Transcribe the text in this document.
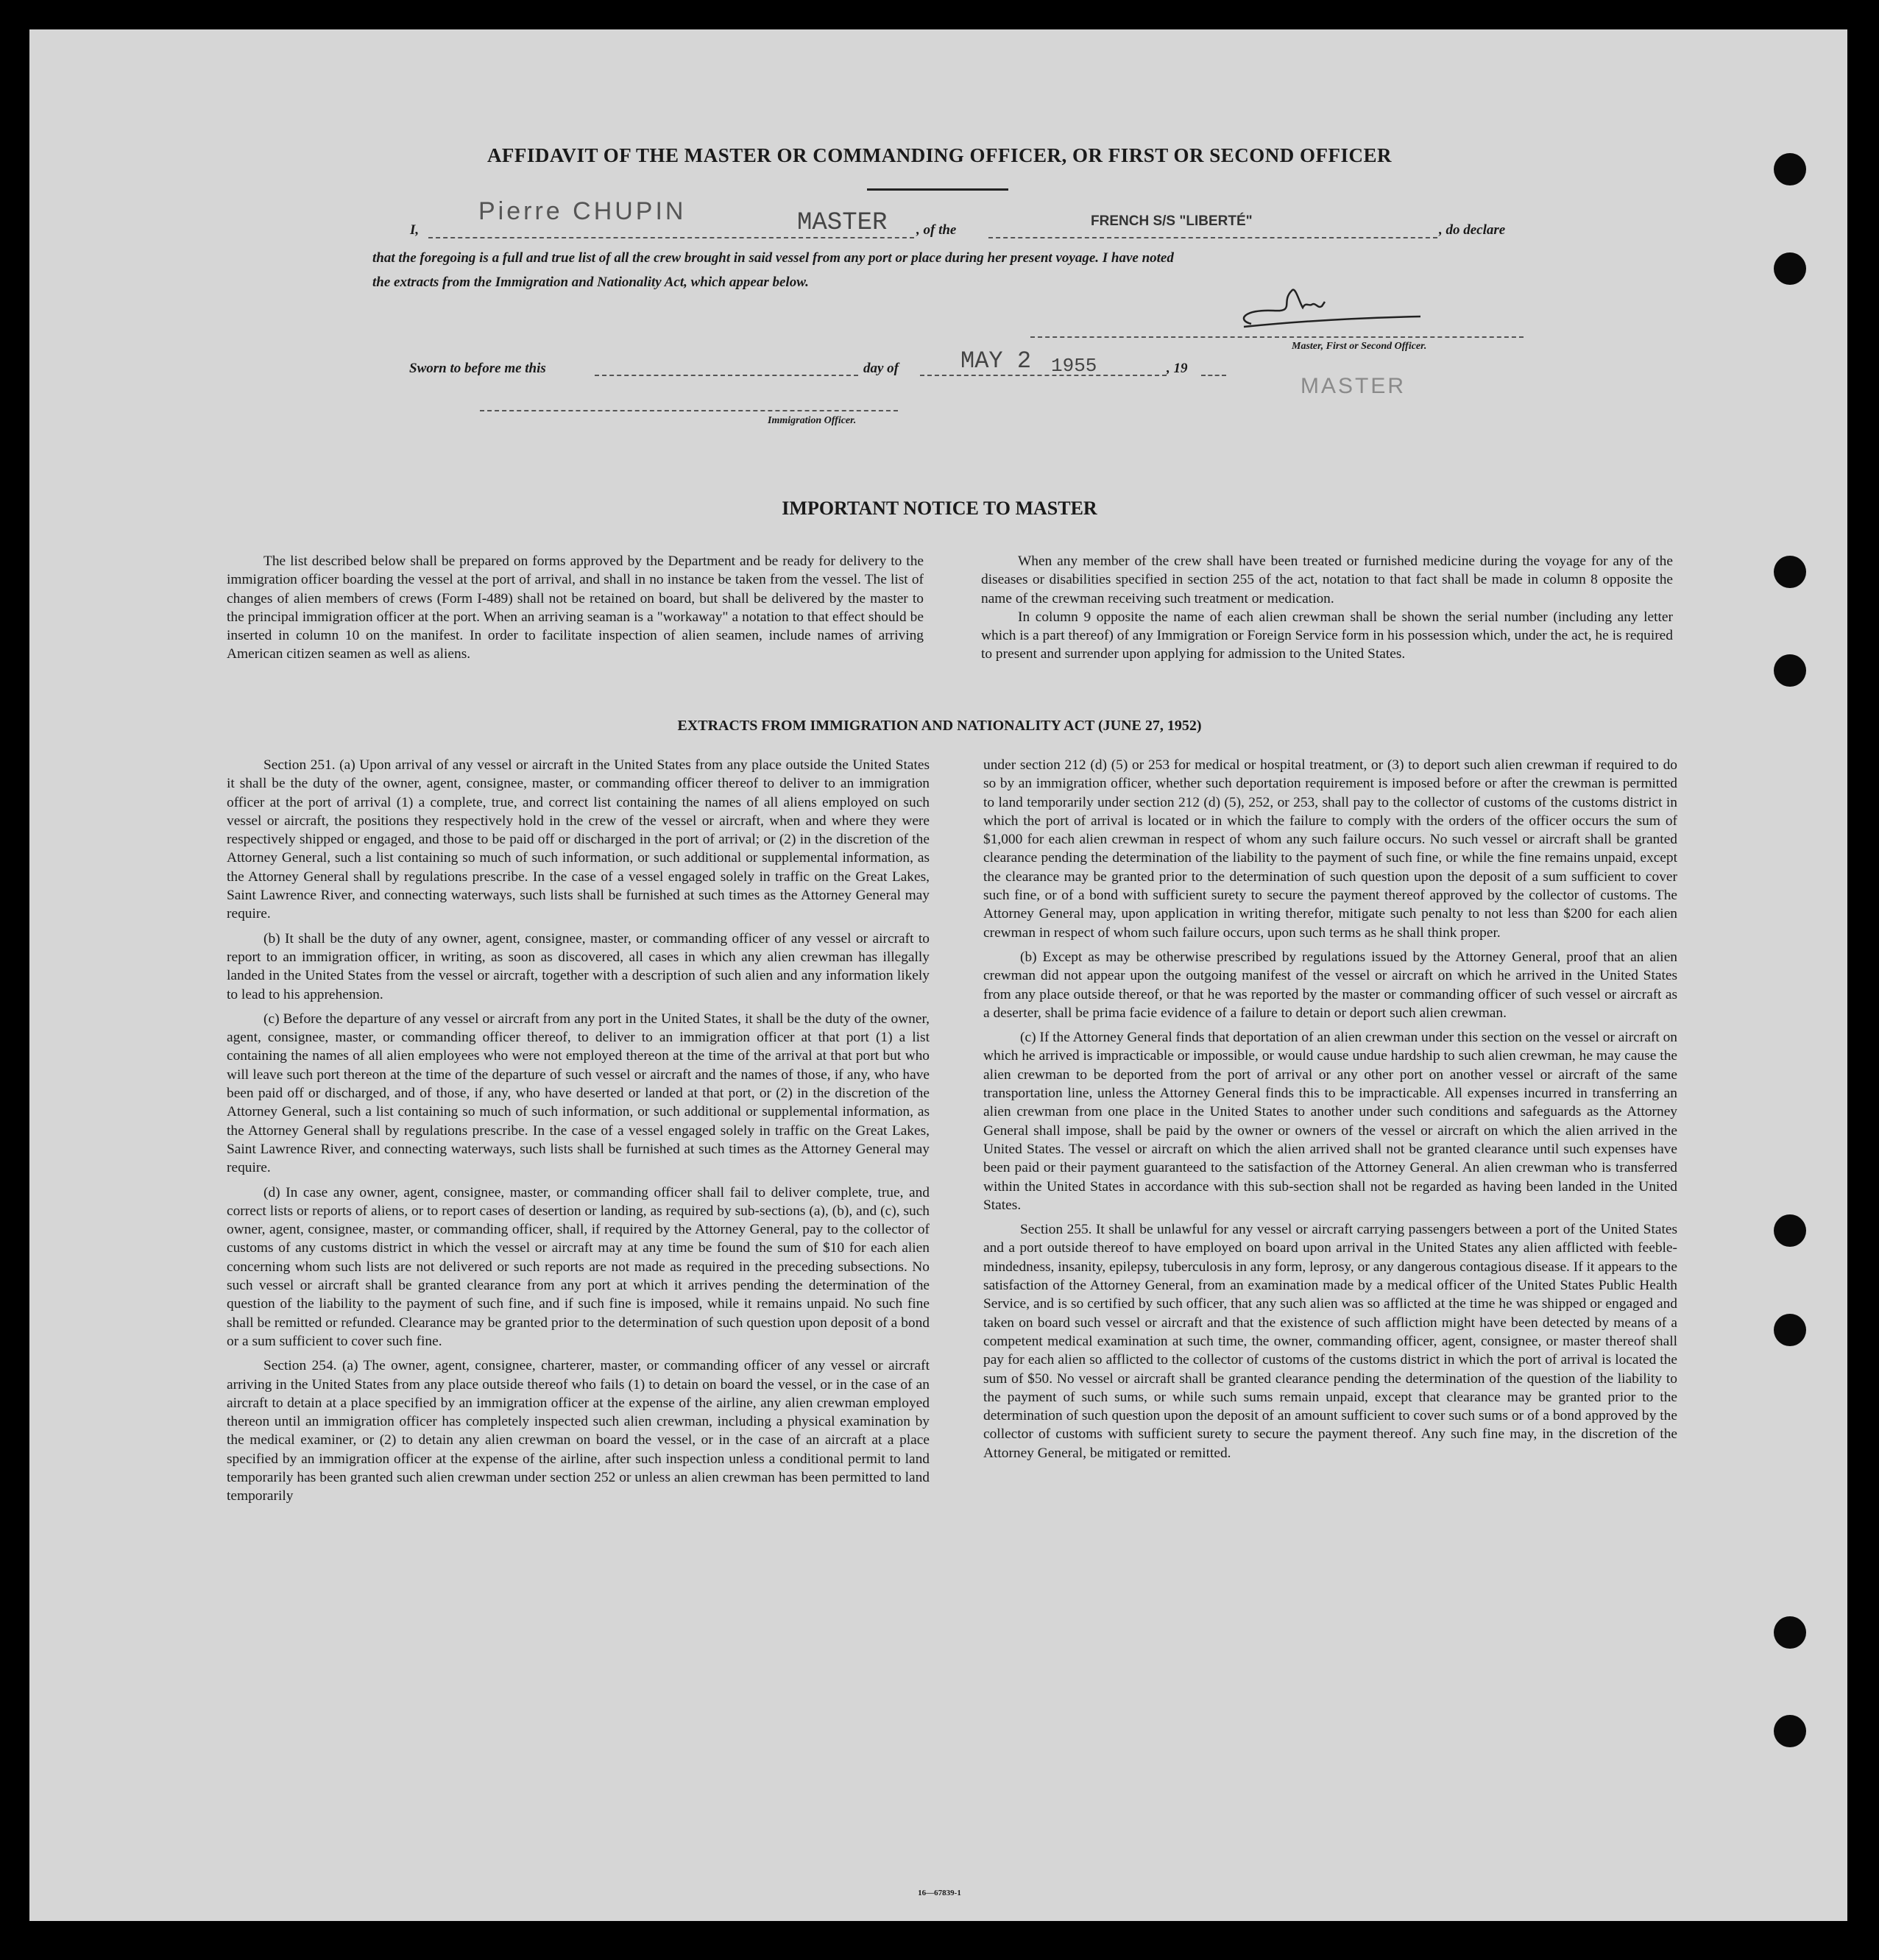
AFFIDAVIT OF THE MASTER OR COMMANDING OFFICER, OR FIRST OR SECOND OFFICER
I,
Pierre CHUPIN	MASTER , of the
FRENCH S/S "LIBERTÉ"
, do declare
that the foregoing is a full and true list of all the crew brought in said vessel from any port or place during her present voyage. I have noted
the extracts from the Immigration and Nationality Act, which appear below.
Master, First or Second Officer.
MASTER
Sworn to before me this	day of	MAY 2 1955	, 19
Immigration Officer.
IMPORTANT NOTICE TO MASTER

The list described below shall be prepared on forms approved by the Department and be ready for delivery to the immigration officer boarding the vessel at the port of arrival, and shall in no instance be taken from the vessel. The list of changes of alien members of crews (Form I-489) shall not be retained on board, but shall be delivered by the master to the principal immigration officer at the port. When an arriving seaman is a "workaway" a notation to that effect should be inserted in column 10 on the manifest. In order to facilitate inspection of alien seamen, include names of arriving American citizen seamen as well as aliens.

When any member of the crew shall have been treated or furnished medicine during the voyage for any of the diseases or disabilities specified in section 255 of the act, notation to that fact shall be made in column 8 opposite the name of the crewman receiving such treatment or medication.

In column 9 opposite the name of each alien crewman shall be shown the serial number (including any letter which is a part thereof) of any Immigration or Foreign Service form in his possession which, under the act, he is required to present and surrender upon applying for admission to the United States.

EXTRACTS FROM IMMIGRATION AND NATIONALITY ACT (JUNE 27, 1952)

Section 251. (a) Upon arrival of any vessel or aircraft in the United States from any place outside the United States it shall be the duty of the owner, agent, consignee, master, or commanding officer thereof to deliver to an immigration officer at the port of arrival (1) a complete, true, and correct list containing the names of all aliens employed on such vessel or aircraft, the positions they respectively hold in the crew of the vessel or aircraft, when and where they were respectively shipped or engaged, and those to be paid off or discharged in the port of arrival; or (2) in the discretion of the Attorney General, such a list containing so much of such information, or such additional or supplemental information, as the Attorney General shall by regulations prescribe. In the case of a vessel engaged solely in traffic on the Great Lakes, Saint Lawrence River, and connecting waterways, such lists shall be furnished at such times as the Attorney General may require.

(b) It shall be the duty of any owner, agent, consignee, master, or commanding officer of any vessel or aircraft to report to an immigration officer, in writing, as soon as discovered, all cases in which any alien crewman has illegally landed in the United States from the vessel or aircraft, together with a description of such alien and any information likely to lead to his apprehension.

(c) Before the departure of any vessel or aircraft from any port in the United States, it shall be the duty of the owner, agent, consignee, master, or commanding officer thereof, to deliver to an immigration officer at that port (1) a list containing the names of all alien employees who were not employed thereon at the time of the arrival at that port but who will leave such port thereon at the time of the departure of such vessel or aircraft and the names of those, if any, who have been paid off or discharged, and of those, if any, who have deserted or landed at that port, or (2) in the discretion of the Attorney General, such a list containing so much of such information, or such additional or supplemental information, as the Attorney General shall by regulations prescribe. In the case of a vessel engaged solely in traffic on the Great Lakes, Saint Lawrence River, and connecting waterways, such lists shall be furnished at such times as the Attorney General may require.

(d) In case any owner, agent, consignee, master, or commanding officer shall fail to deliver complete, true, and correct lists or reports of aliens, or to report cases of desertion or landing, as required by sub-sections (a), (b), and (c), such owner, agent, consignee, master, or commanding officer, shall, if required by the Attorney General, pay to the collector of customs of any customs district in which the vessel or aircraft may at any time be found the sum of $10 for each alien concerning whom such lists are not delivered or such reports are not made as required in the preceding subsections. No such vessel or aircraft shall be granted clearance from any port at which it arrives pending the determination of the question of the liability to the payment of such fine, and if such fine is imposed, while it remains unpaid. No such fine shall be remitted or refunded. Clearance may be granted prior to the determination of such question upon deposit of a bond or a sum sufficient to cover such fine.

Section 254. (a) The owner, agent, consignee, charterer, master, or commanding officer of any vessel or aircraft arriving in the United States from any place outside thereof who fails (1) to detain on board the vessel, or in the case of an aircraft to detain at a place specified by an immigration officer at the expense of the airline, any alien crewman employed thereon until an immigration officer has completely inspected such alien crewman, including a physical examination by the medical examiner, or (2) to detain any alien crewman on board the vessel, or in the case of an aircraft at a place specified by an immigration officer at the expense of the airline, after such inspection unless a conditional permit to land temporarily has been granted such alien crewman under section 252 or unless an alien crewman has been permitted to land temporarily

under section 212 (d) (5) or 253 for medical or hospital treatment, or (3) to deport such alien crewman if required to do so by an immigration officer, whether such deportation requirement is imposed before or after the crewman is permitted to land temporarily under section 212 (d) (5), 252, or 253, shall pay to the collector of customs of the customs district in which the port of arrival is located or in which the failure to comply with the orders of the officer occurs the sum of $1,000 for each alien crewman in respect of whom any such failure occurs. No such vessel or aircraft shall be granted clearance pending the determination of the liability to the payment of such fine, or while the fine remains unpaid, except the clearance may be granted prior to the determination of such question upon the deposit of a sum sufficient to cover such fine, or of a bond with sufficient surety to secure the payment thereof approved by the collector of customs. The Attorney General may, upon application in writing therefor, mitigate such penalty to not less than $200 for each alien crewman in respect of whom such failure occurs, upon such terms as he shall think proper.

(b) Except as may be otherwise prescribed by regulations issued by the Attorney General, proof that an alien crewman did not appear upon the outgoing manifest of the vessel or aircraft on which he arrived in the United States from any place outside thereof, or that he was reported by the master or commanding officer of such vessel or aircraft as a deserter, shall be prima facie evidence of a failure to detain or deport such alien crewman.

(c) If the Attorney General finds that deportation of an alien crewman under this section on the vessel or aircraft on which he arrived is impracticable or impossible, or would cause undue hardship to such alien crewman, he may cause the alien crewman to be deported from the port of arrival or any other port on another vessel or aircraft of the same transportation line, unless the Attorney General finds this to be impracticable. All expenses incurred in transferring an alien crewman from one place in the United States to another under such conditions and safeguards as the Attorney General shall impose, shall be paid by the owner or owners of the vessel or aircraft on which the alien arrived in the United States. The vessel or aircraft on which the alien arrived shall not be granted clearance until such expenses have been paid or their payment guaranteed to the satisfaction of the Attorney General. An alien crewman who is transferred within the United States in accordance with this sub-section shall not be regarded as having been landed in the United States.

Section 255. It shall be unlawful for any vessel or aircraft carrying passengers between a port of the United States and a port outside thereof to have employed on board upon arrival in the United States any alien afflicted with feeble-mindedness, insanity, epilepsy, tuberculosis in any form, leprosy, or any dangerous contagious disease. If it appears to the satisfaction of the Attorney General, from an examination made by a medical officer of the United States Public Health Service, and is so certified by such officer, that any such alien was so afflicted at the time he was shipped or engaged and taken on board such vessel or aircraft and that the existence of such affliction might have been detected by means of a competent medical examination at such time, the owner, commanding officer, agent, consignee, or master thereof shall pay for each alien so afflicted to the collector of customs of the customs district in which the port of arrival is located the sum of $50. No vessel or aircraft shall be granted clearance pending the determination of the question of the liability to the payment of such sums, or while such sums remain unpaid, except that clearance may be granted prior to the determination of such question upon the deposit of an amount sufficient to cover such sums or of a bond approved by the collector of customs with sufficient surety to secure the payment thereof. Any such fine may, in the discretion of the Attorney General, be mitigated or remitted.

16—67839-1
